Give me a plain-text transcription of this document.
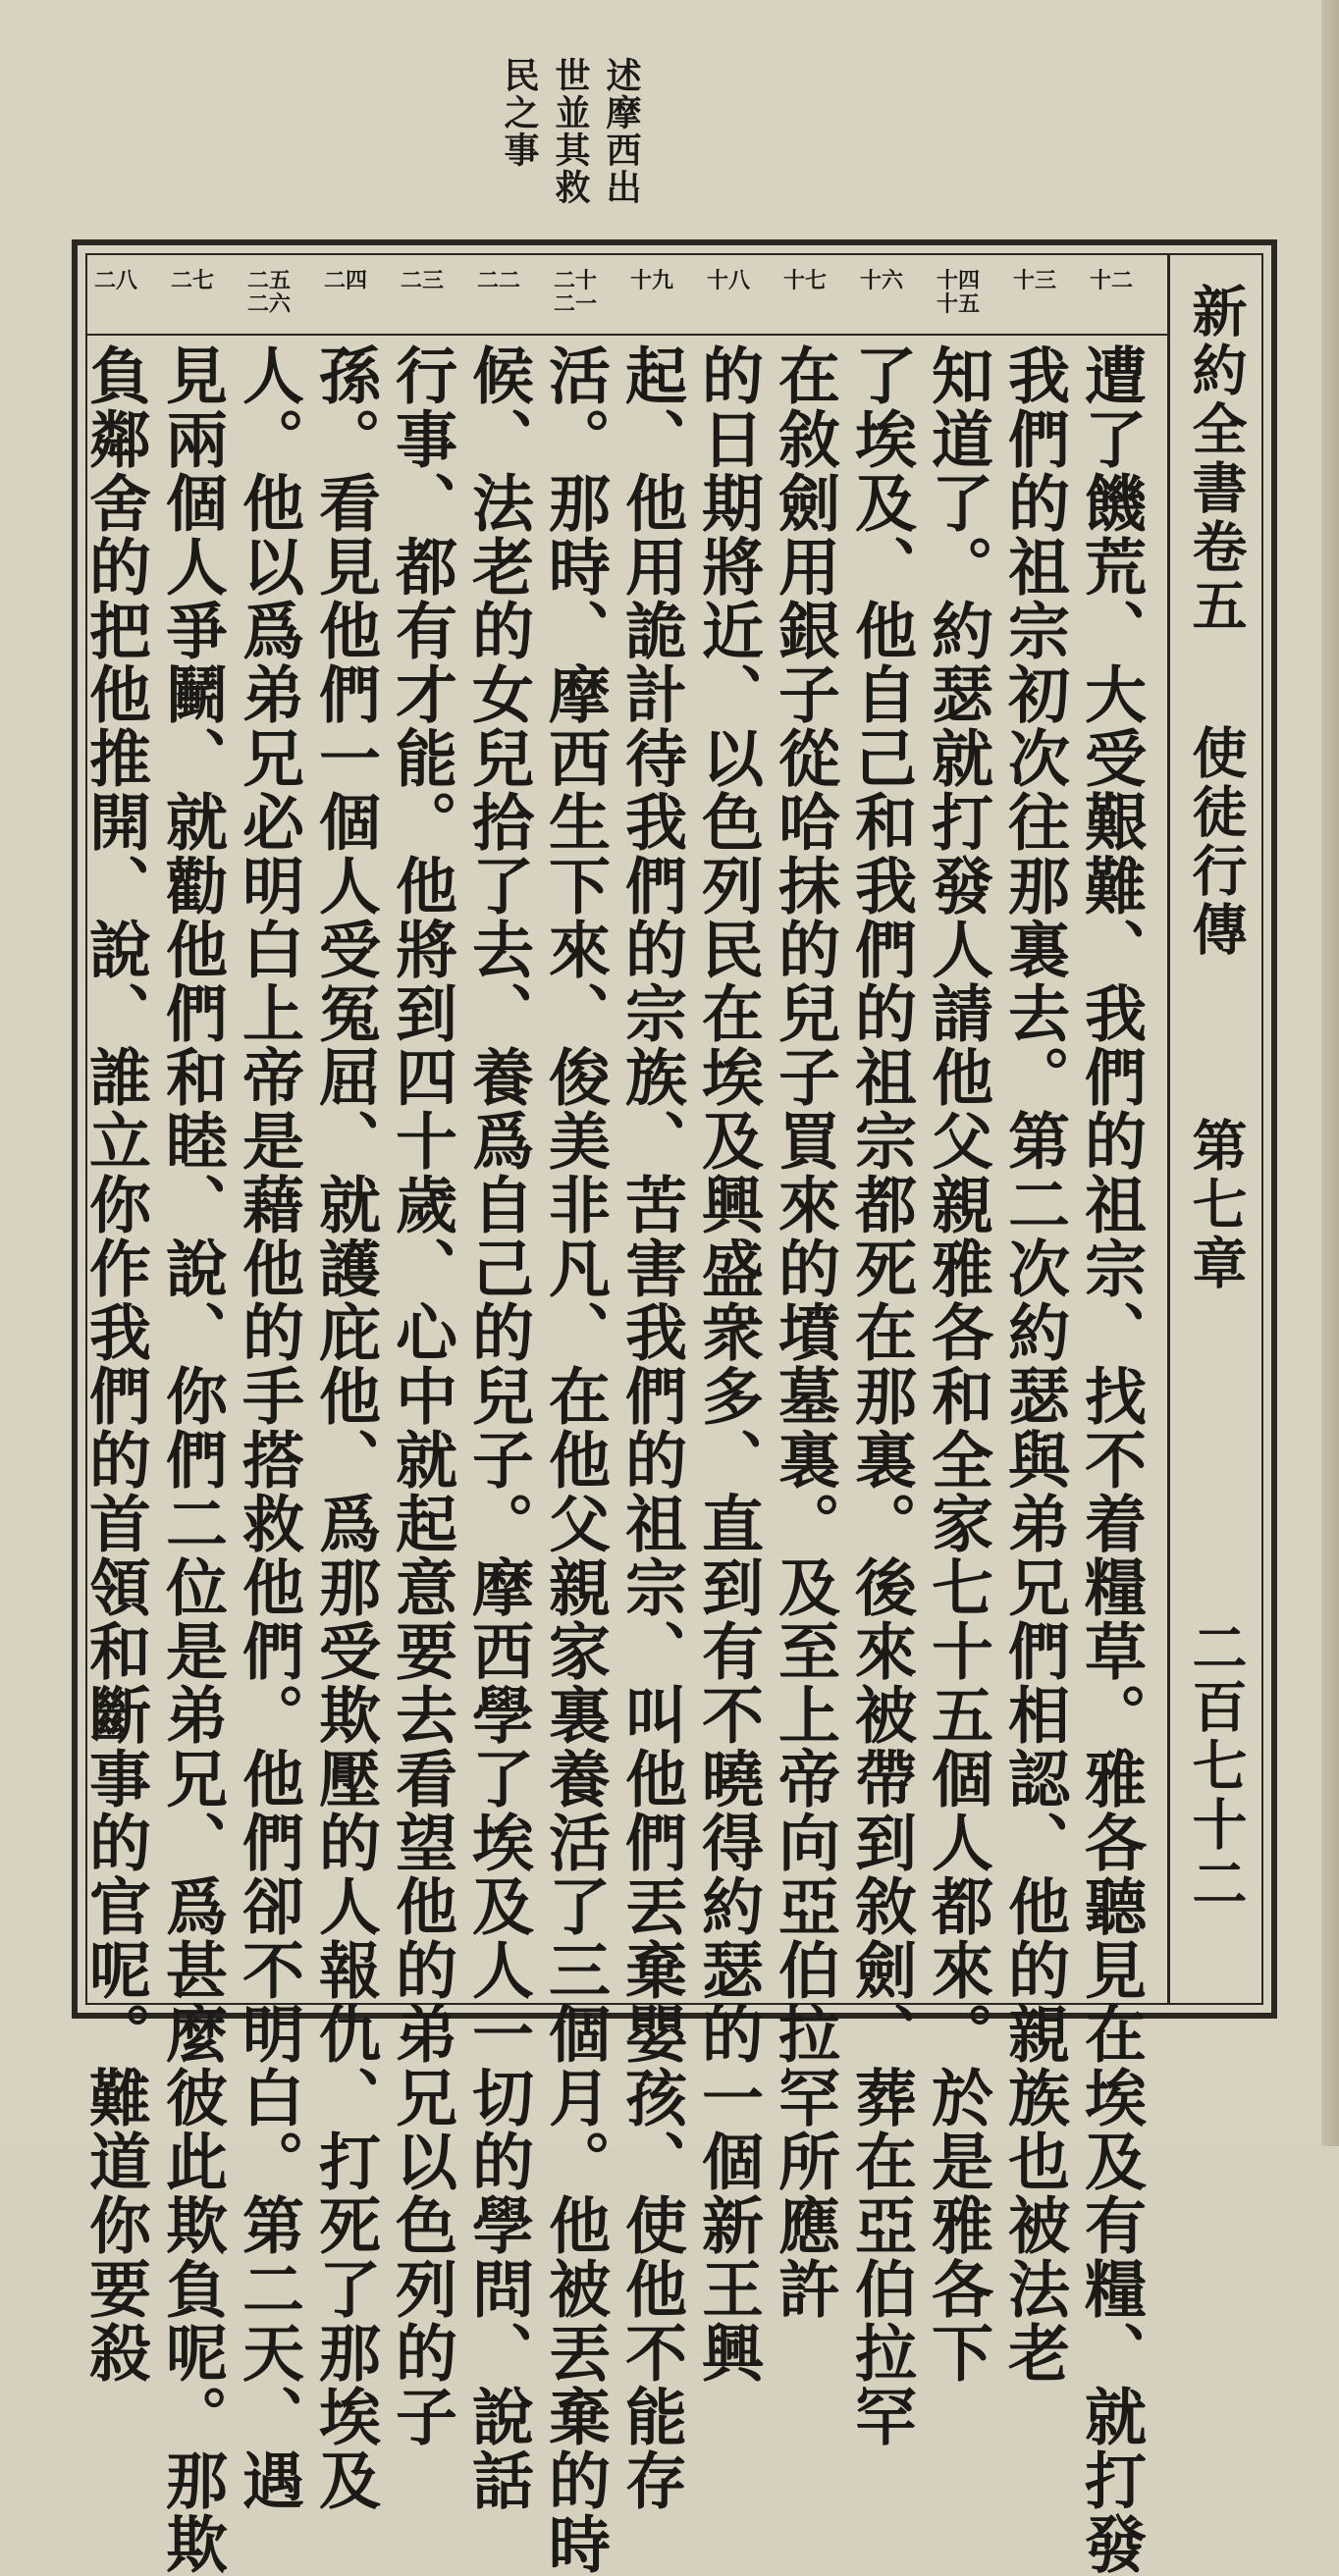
述摩西出
世並其救
民之事
新約全書卷五
使徒行傳
第七章
二百七十二
十二
十三
十四
十五
十六
十七
十八
十九
二十
二一
二二
二三
二四
二五
二六
二七
二八
遭了饑荒、大受艱難、我們的祖宗、找不着糧草。雅各聽見在埃及有糧、就打發
我們的祖宗初次往那裏去。第二次約瑟與弟兄們相認、他的親族也被法老
知道了。約瑟就打發人請他父親雅各和全家七十五個人都來。於是雅各下
了埃及、他自己和我們的祖宗都死在那裏。後來被帶到敘劍、葬在亞伯拉罕
在敘劍用銀子從哈抹的兒子買來的墳墓裏。及至上帝向亞伯拉罕所應許
的日期將近、以色列民在埃及興盛衆多、直到有不曉得約瑟的一個新王興
起、他用詭計待我們的宗族、苦害我們的祖宗、叫他們丟棄嬰孩、使他不能存
活。那時、摩西生下來、俊美非凡、在他父親家裏養活了三個月。他被丟棄的時
候、法老的女兒拾了去、養爲自己的兒子。摩西學了埃及人一切的學問、說話
行事、都有才能。他將到四十歲、心中就起意要去看望他的弟兄以色列的子
孫。看見他們一個人受冤屈、就護庇他、爲那受欺壓的人報仇、打死了那埃及
人。他以爲弟兄必明白上帝是藉他的手搭救他們。他們卻不明白。第二天、遇
見兩個人爭鬭、就勸他們和睦、說、你們二位是弟兄、爲甚麼彼此欺負呢。那欺
負鄰舍的把他推開、說、誰立你作我們的首領和斷事的官呢。難道你要殺
